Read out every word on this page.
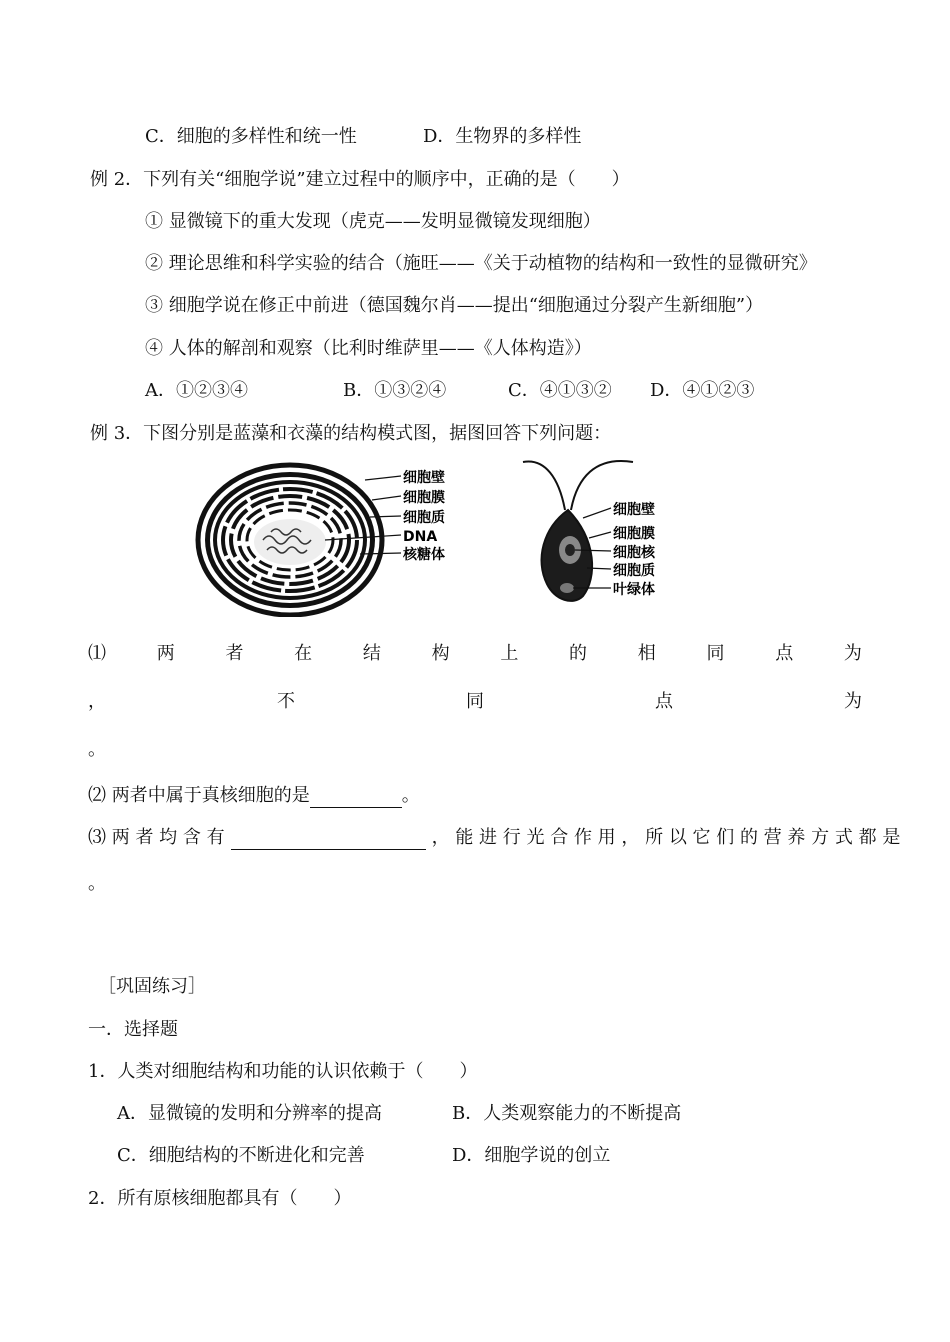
C．细胞的多样性和统一性	D．生物界的多样性
例 2．下列有关“细胞学说”建立过程中的顺序中，正确的是（　　）
① 显微镜下的重大发现（虎克——发明显微镜发现细胞）
② 理论思维和科学实验的结合（施旺——《关于动植物的结构和一致性的显微研究》
③ 细胞学说在修正中前进（德国魏尔肖——提出“细胞通过分裂产生新细胞”）
④ 人体的解剖和观察（比利时维萨里——《人体构造》）
A．①②③④	B．①③②④	C．④①③② D．④①②③
例 3．下图分别是蓝藻和衣藻的结构模式图，据图回答下列问题：
细胞壁
细胞膜
细胞质
DNA
核糖体
细胞壁
细胞膜
细胞核
细胞质
叶绿体
⑴	两	者	在	结	构	上	的	相	同	点	为
，	不	同	点	为
。
⑵ 两者中属于真核细胞的是	。
⑶ 两 者 均 含 有	， 能 进 行 光 合 作 用 ， 所 以 它 们 的 营 养 方 式 都 是
。
［巩固练习］
一．选择题
1．人类对细胞结构和功能的认识依赖于（　　）
A．显微镜的发明和分辨率的提高	B．人类观察能力的不断提高
C．细胞结构的不断进化和完善	D．细胞学说的创立
2．所有原核细胞都具有（　　）
